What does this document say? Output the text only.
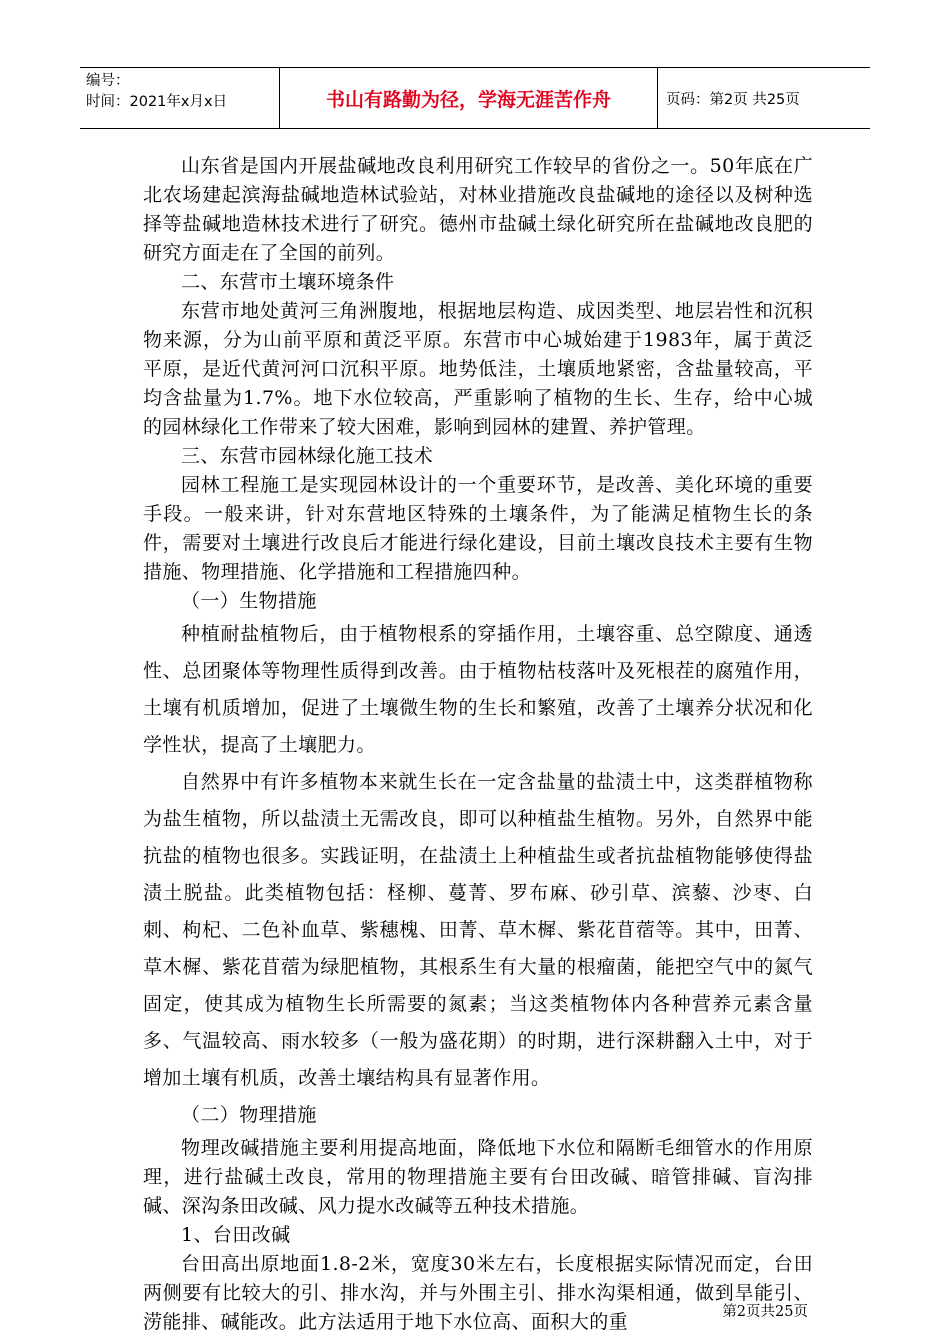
编号：
时间：2021年x月x日	书山有路勤为径，学海无涯苦作舟	页码：第2页 共25页

山东省是国内开展盐碱地改良利用研究工作较早的省份之一。50年底在广北农场建起滨海盐碱地造林试验站，对林业措施改良盐碱地的途径以及树种选择等盐碱地造林技术进行了研究。德州市盐碱土绿化研究所在盐碱地改良肥的研究方面走在了全国的前列。

二、东营市土壤环境条件

东营市地处黄河三角洲腹地，根据地层构造、成因类型、地层岩性和沉积物来源，分为山前平原和黄泛平原。东营市中心城始建于1983年，属于黄泛平原，是近代黄河河口沉积平原。地势低洼，土壤质地紧密，含盐量较高，平均含盐量为1.7%。地下水位较高，严重影响了植物的生长、生存，给中心城的园林绿化工作带来了较大困难，影响到园林的建置、养护管理。

三、东营市园林绿化施工技术

园林工程施工是实现园林设计的一个重要环节，是改善、美化环境的重要手段。一般来讲，针对东营地区特殊的土壤条件，为了能满足植物生长的条件，需要对土壤进行改良后才能进行绿化建设，目前土壤改良技术主要有生物措施、物理措施、化学措施和工程措施四种。

（一）生物措施

种植耐盐植物后，由于植物根系的穿插作用，土壤容重、总空隙度、通透性、总团聚体等物理性质得到改善。由于植物枯枝落叶及死根茬的腐殖作用，土壤有机质增加，促进了土壤微生物的生长和繁殖，改善了土壤养分状况和化学性状，提高了土壤肥力。

自然界中有许多植物本来就生长在一定含盐量的盐渍土中，这类群植物称为盐生植物，所以盐渍土无需改良，即可以种植盐生植物。另外，自然界中能抗盐的植物也很多。实践证明，在盐渍土上种植盐生或者抗盐植物能够使得盐渍土脱盐。此类植物包括：柽柳、蔓菁、罗布麻、砂引草、滨藜、沙枣、白刺、枸杞、二色补血草、紫穗槐、田菁、草木樨、紫花苜蓿等。其中，田菁、草木樨、紫花苜蓿为绿肥植物，其根系生有大量的根瘤菌，能把空气中的氮气固定，使其成为植物生长所需要的氮素；当这类植物体内各种营养元素含量多、气温较高、雨水较多（一般为盛花期）的时期，进行深耕翻入土中，对于增加土壤有机质，改善土壤结构具有显著作用。

（二）物理措施

物理改碱措施主要利用提高地面，降低地下水位和隔断毛细管水的作用原理，进行盐碱土改良，常用的物理措施主要有台田改碱、暗管排碱、盲沟排碱、深沟条田改碱、风力提水改碱等五种技术措施。

1、台田改碱

台田高出原地面1.8-2米，宽度30米左右，长度根据实际情况而定，台田两侧要有比较大的引、排水沟，并与外围主引、排水沟渠相通，做到旱能引、涝能排、碱能改。此方法适用于地下水位高、面积大的重	第2页共25页
